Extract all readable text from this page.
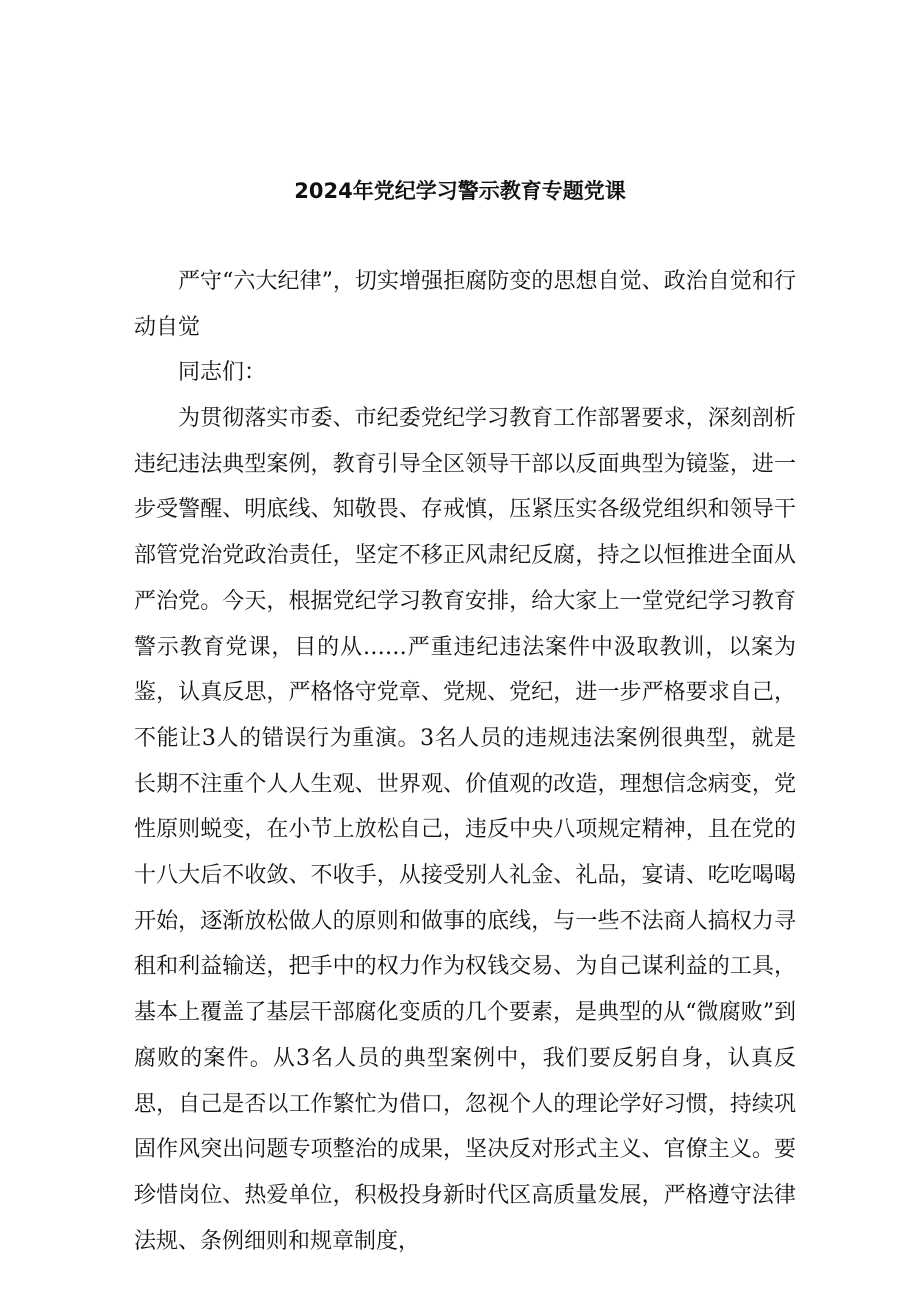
2024年党纪学习警示教育专题党课

严守“六大纪律”，切实增强拒腐防变的思想自觉、政治自觉和行动自觉

同志们：

为贯彻落实市委、市纪委党纪学习教育工作部署要求，深刻剖析违纪违法典型案例，教育引导全区领导干部以反面典型为镜鉴，进一步受警醒、明底线、知敬畏、存戒慎，压紧压实各级党组织和领导干部管党治党政治责任，坚定不移正风肃纪反腐，持之以恒推进全面从严治党。今天，根据党纪学习教育安排，给大家上一堂党纪学习教育警示教育党课，目的从……严重违纪违法案件中汲取教训，以案为鉴，认真反思，严格恪守党章、党规、党纪，进一步严格要求自己，不能让3人的错误行为重演。3名人员的违规违法案例很典型，就是长期不注重个人人生观、世界观、价值观的改造，理想信念病变，党性原则蜕变，在小节上放松自己，违反中央八项规定精神，且在党的十八大后不收敛、不收手，从接受别人礼金、礼品，宴请、吃吃喝喝开始，逐渐放松做人的原则和做事的底线，与一些不法商人搞权力寻租和利益输送，把手中的权力作为权钱交易、为自己谋利益的工具，基本上覆盖了基层干部腐化变质的几个要素，是典型的从“微腐败”到腐败的案件。从3名人员的典型案例中，我们要反躬自身，认真反思，自己是否以工作繁忙为借口，忽视个人的理论学好习惯，持续巩固作风突出问题专项整治的成果，坚决反对形式主义、官僚主义。要珍惜岗位、热爱单位，积极投身新时代区高质量发展，严格遵守法律法规、条例细则和规章制度，
